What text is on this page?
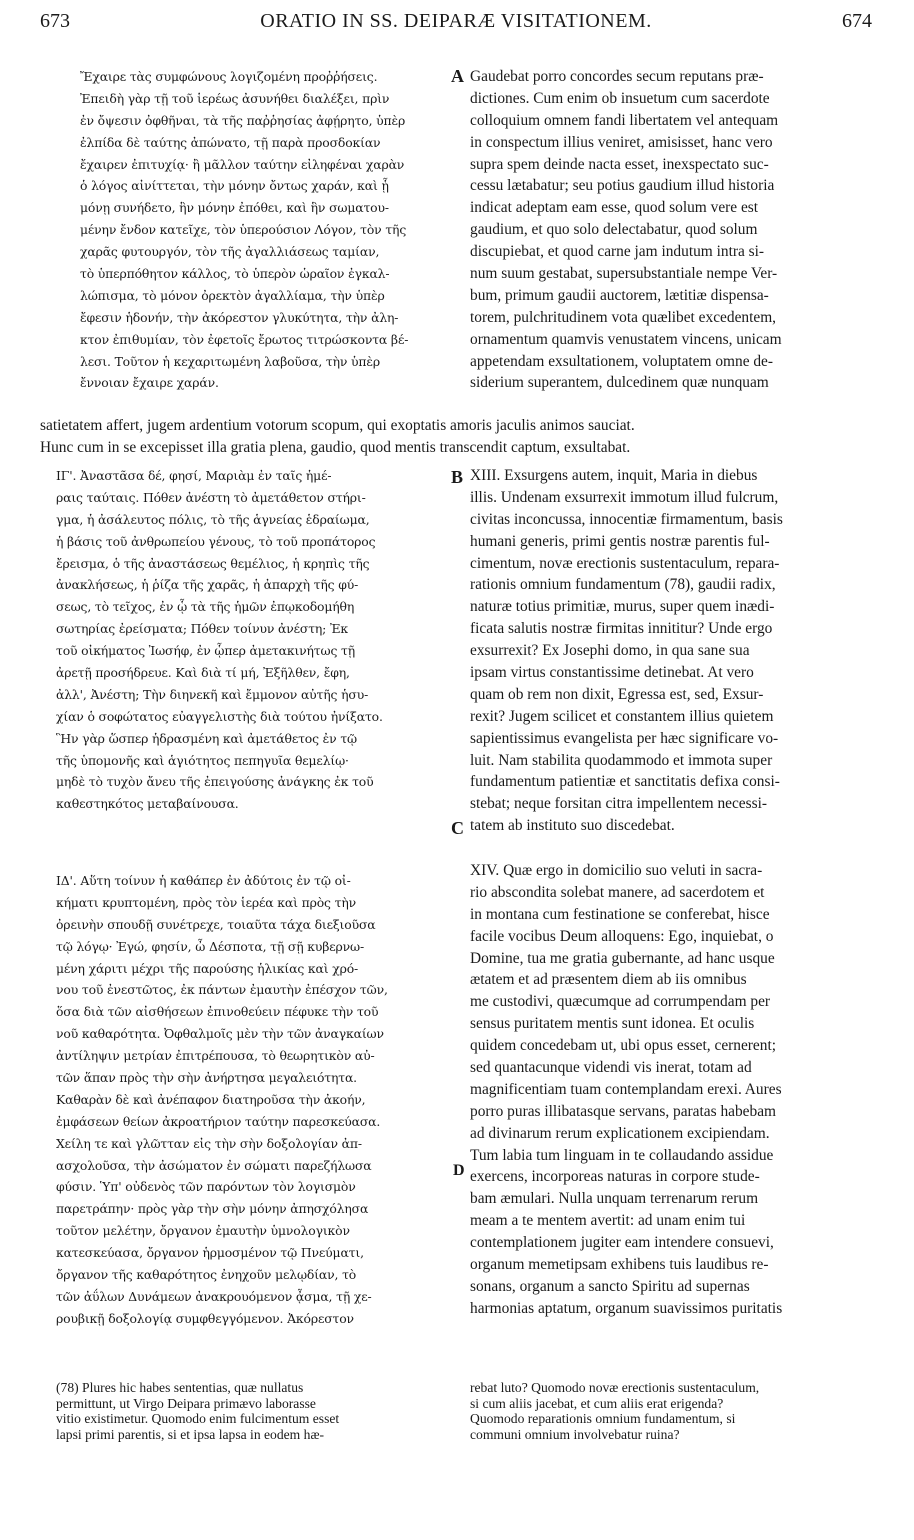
ORATIO IN SS. DEIPARÆ VISITATIONEM.
673	674
Ἔχαιρε τὰς συμφώνους λογιζομένη προῤῥήσεις.
Ἐπειδὴ γὰρ τῇ τοῦ ἱερέως ἀσυνήθει διαλέξει, πρὶν
ἐν ὄψεσιν ὀφθῆναι, τὰ τῆς παῤῥησίας ἀφῄρητο, ὑπὲρ
ἐλπίδα δὲ ταύτης ἀπώνατο, τῇ παρὰ προσδοκίαν
ἔχαιρεν ἐπιτυχίᾳ· ἢ μᾶλλον ταύτην εἰληφέναι χαρὰν
ὁ λόγος αἰνίττεται, τὴν μόνην ὄντως χαράν, καὶ ᾗ
μόνῃ συνήδετο, ἣν μόνην ἐπόθει, καὶ ἣν σωματου-
μένην ἔνδον κατεῖχε, τὸν ὑπερούσιον Λόγον, τὸν τῆς
χαρᾶς φυτουργόν, τὸν τῆς ἀγαλλιάσεως ταμίαν,
τὸ ὑπερπόθητον κάλλος, τὸ ὑπερὸν ὡραῖον ἐγκαλ-
λώπισμα, τὸ μόνον ὀρεκτὸν ἀγαλλίαμα, τὴν ὑπὲρ
ἔφεσιν ἡδονήν, τὴν ἀκόρεστον γλυκύτητα, τὴν ἀλη-
κτον ἐπιθυμίαν, τὸν ἐφετοῖς ἔρωτος τιτρώσκοντα βέ-
λεσι. Τοῦτον ἡ κεχαριτωμένη λαβοῦσα, τὴν ὑπὲρ
ἔννοιαν ἔχαιρε χαράν.
Gaudebat porro concordes secum reputans præ-
dictiones. Cum enim ob insuetum cum sacerdote
colloquium omnem fandi libertatem vel antequam
in conspectum illius veniret, amisisset, hanc vero
supra spem deinde nacta esset, inexspectato suc-
cessu lætabatur; seu potius gaudium illud historia
indicat adeptam eam esse, quod solum vere est
gaudium, et quo solo delectabatur, quod solum
discupiebat, et quod carne jam indutum intra si-
num suum gestabat, supersubstantiale nempe Ver-
bum, primum gaudii auctorem, lætitiæ dispensa-
torem, pulchritudinem vota quælibet excedentem,
ornamentum quamvis venustatem vincens, unicam
appetendam exsultationem, voluptatem omne de-
siderium superantem, dulcedinem quæ nunquam
satietatem affert, jugem ardentium votorum scopum, qui exoptatis amoris jaculis animos sauciat.
Hunc cum in se excepisset illa gratia plena, gaudio, quod mentis transcendit captum, exsultabat.
ΙΓ'. Ἀναστᾶσα δέ, φησί, Μαριὰμ ἐν ταῖς ἡμέ-
ραις ταύταις. Πόθεν ἀνέστη τὸ ἀμετάθετον στήρι-
γμα, ἡ ἀσάλευτος πόλις, τὸ τῆς ἁγνείας ἑδραίωμα,
ἡ βάσις τοῦ ἀνθρωπείου γένους, τὸ τοῦ προπάτορος
ἔρεισμα, ὁ τῆς ἀναστάσεως θεμέλιος, ἡ κρηπὶς τῆς
ἀνακλήσεως, ἡ ῥίζα τῆς χαρᾶς, ἡ ἀπαρχὴ τῆς φύ-
σεως, τὸ τεῖχος, ἐν ᾧ τὰ τῆς ἡμῶν ἐπῳκοδομήθη
σωτηρίας ἐρείσματα; Πόθεν τοίνυν ἀνέστη; Ἐκ
τοῦ οἰκήματος Ἰωσήφ, ἐν ᾧπερ ἀμετακινήτως τῇ
ἀρετῇ προσήδρευε. Καὶ διὰ τί μή, Ἐξῆλθεν, ἔφη,
ἀλλ', Ἀνέστη; Τὴν διηνεκῆ καὶ ἔμμονον αὐτῆς ἡσυ-
χίαν ὁ σοφώτατος εὐαγγελιστὴς διὰ τούτου ἠνίξατο.
Ἣν γὰρ ὥσπερ ἡδρασμένη καὶ ἀμετάθετος ἐν τῷ
τῆς ὑπομονῆς καὶ ἁγιότητος πεπηγυῖα θεμελίῳ·
μηδὲ τὸ τυχὸν ἄνευ τῆς ἐπειγούσης ἀνάγκης ἐκ τοῦ
καθεστηκότος μεταβαίνουσα.
XIII. Exsurgens autem, inquit, Maria in diebus
illis. Undenam exsurrexit immotum illud fulcrum,
civitas inconcussa, innocentiæ firmamentum, basis
humani generis, primi gentis nostræ parentis ful-
cimentum, novæ erectionis sustentaculum, repara-
rationis omnium fundamentum (78), gaudii radix,
naturæ totius primitiæ, murus, super quem inædi-
ficata salutis nostræ firmitas innititur? Unde ergo
exsurrexit? Ex Josephi domo, in qua sane sua
ipsam virtus constantissime detinebat. At vero
quam ob rem non dixit, Egressa est, sed, Exsur-
rexit? Jugem scilicet et constantem illius quietem
sapientissimus evangelista per hæc significare vo-
luit. Nam stabilita quodammodo et immota super
fundamentum patientiæ et sanctitatis defixa consi-
stebat; neque forsitan citra impellentem necessi-
tatem ab instituto suo discedebat.
ΙΔ'. Αὕτη τοίνυν ἡ καθάπερ ἐν ἀδύτοις ἐν τῷ οἰ-
κήματι κρυπτομένη, πρὸς τὸν ἱερέα καὶ πρὸς τὴν
ὀρεινὴν σπουδῇ συνέτρεχε, τοιαῦτα τάχα διεξιοῦσα
τῷ λόγῳ· Ἐγώ, φησίν, ὦ Δέσποτα, τῇ σῇ κυβερνω-
μένη χάριτι μέχρι τῆς παρούσης ἡλικίας καὶ χρό-
νου τοῦ ἐνεστῶτος, ἐκ πάντων ἐμαυτὴν ἐπέσχον τῶν,
ὅσα διὰ τῶν αἰσθήσεων ἐπινοθεύειν πέφυκε τὴν τοῦ
νοῦ καθαρότητα. Ὀφθαλμοῖς μὲν τὴν τῶν ἀναγκαίων
ἀντίληψιν μετρίαν ἐπιτρέπουσα, τὸ θεωρητικὸν αὐ-
τῶν ἅπαν πρὸς τὴν σὴν ἀνήρτησα μεγαλειότητα.
Καθαρὰν δὲ καὶ ἀνέπαφον διατηροῦσα τὴν ἀκοήν,
ἐμφάσεων θείων ἀκροατήριον ταύτην παρεσκεύασα.
Χείλη τε καὶ γλῶτταν εἰς τὴν σὴν δοξολογίαν ἀπ-
ασχολοῦσα, τὴν ἀσώματον ἐν σώματι παρεζήλωσα
φύσιν. Ὑπ' οὐδενὸς τῶν παρόντων τὸν λογισμὸν
παρετράπην· πρὸς γὰρ τὴν σὴν μόνην ἀπησχόλησα
τοῦτον μελέτην, ὄργανον ἐμαυτὴν ὑμνολογικὸν
κατεσκεύασα, ὄργανον ἡρμοσμένον τῷ Πνεύματι,
ὄργανον τῆς καθαρότητος ἐνηχοῦν μελῳδίαν, τὸ
τῶν ἀΰλων Δυνάμεων ἀνακρουόμενον ᾆσμα, τῇ χε-
ρουβικῇ δοξολογίᾳ συμφθεγγόμενον. Ἀκόρεστον
XIV. Quæ ergo in domicilio suo veluti in sacra-
rio abscondita solebat manere, ad sacerdotem et
in montana cum festinatione se conferebat, hisce
facile vocibus Deum alloquens: Ego, inquiebat, o
Domine, tua me gratia gubernante, ad hanc usque
ætatem et ad præsentem diem ab iis omnibus
me custodivi, quæcumque ad corrumpendam per
sensus puritatem mentis sunt idonea. Et oculis
quidem concedebam ut, ubi opus esset, cernerent;
sed quantacunque videndi vis inerat, totam ad
magnificentiam tuam contemplandam erexi. Aures
porro puras illibatasque servans, paratas habebam
ad divinarum rerum explicationem excipiendam.
Tum labia tum linguam in te collaudando assidue
exercens, incorporeas naturas in corpore stude-
bam æmulari. Nulla unquam terrenarum rerum
meam a te mentem avertit: ad unam enim tui
contemplationem jugiter eam intendere consuevi,
organum memetipsam exhibens tuis laudibus re-
sonans, organum a sancto Spiritu ad supernas
harmonias aptatum, organum suavissimos puritatis
(78) Plures hic habes sententias, quæ nullatus
permittunt, ut Virgo Deipara primævo laborasse
vitio existimetur. Quomodo enim fulcimentum esset
lapsi primi parentis, si et ipsa lapsa in eodem hæ-
rebat luto? Quomodo novæ erectionis sustentaculum,
si cum aliis jacebat, et cum aliis erat erigenda?
Quomodo reparationis omnium fundamentum, si
communi omnium involvebatur ruina?
A
B
C
D
